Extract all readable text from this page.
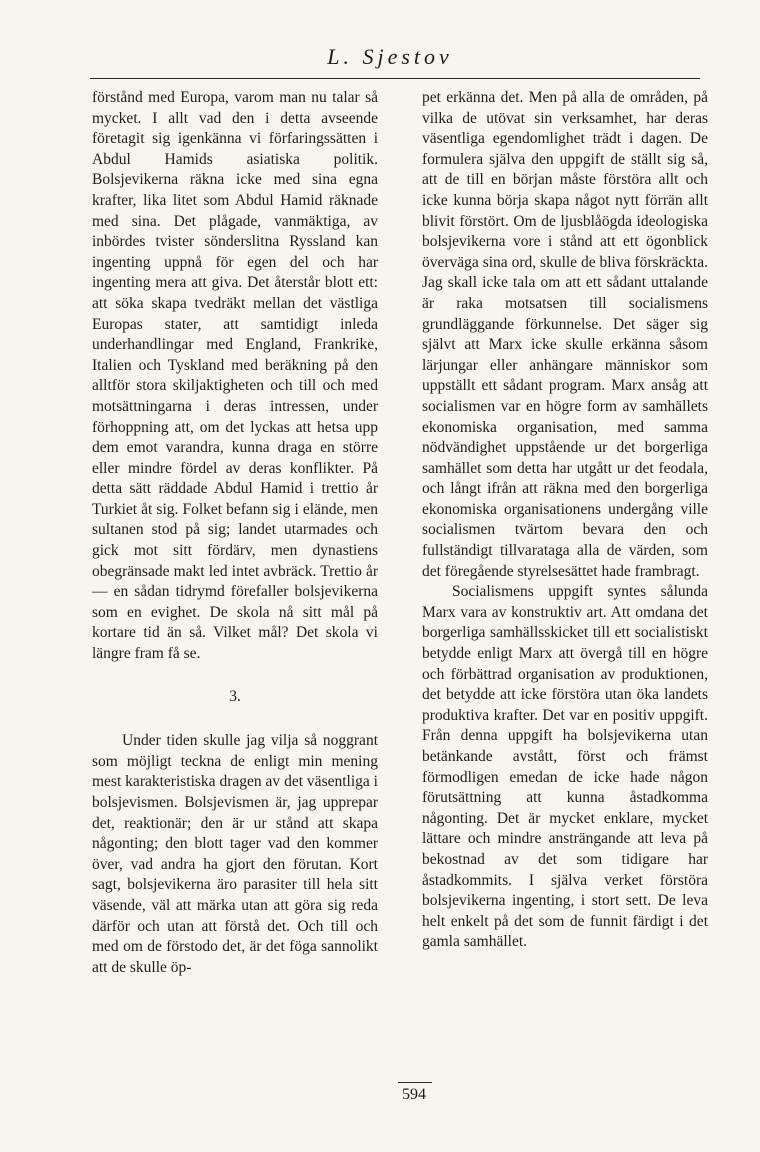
L. Sjestov

förstånd med Europa, varom man nu talar så mycket. I allt vad den i detta avseende företagit sig igenkänna vi förfaringssätten i Abdul Hamids asiatiska politik. Bolsjevikerna räkna icke med sina egna krafter, lika litet som Abdul Hamid räknade med sina. Det plågade, vanmäktiga, av inbördes tvister sönderslitna Ryssland kan ingenting uppnå för egen del och har ingenting mera att giva. Det återstår blott ett: att söka skapa tvedräkt mellan det västliga Europas stater, att samtidigt inleda underhandlingar med England, Frankrike, Italien och Tyskland med beräkning på den alltför stora skiljaktigheten och till och med motsättningarna i deras intressen, under förhoppning att, om det lyckas att hetsa upp dem emot varandra, kunna draga en större eller mindre fördel av deras konflikter. På detta sätt räddade Abdul Hamid i trettio år Turkiet åt sig. Folket befann sig i elände, men sultanen stod på sig; landet utarmades och gick mot sitt fördärv, men dynastiens obegränsade makt led intet avbräck. Trettio år — en sådan tidrymd förefaller bolsjevikerna som en evighet. De skola nå sitt mål på kortare tid än så. Vilket mål? Det skola vi längre fram få se.

3.

Under tiden skulle jag vilja så noggrant som möjligt teckna de enligt min mening mest karakteristiska dragen av det väsentliga i bolsjevismen. Bolsjevismen är, jag upprepar det, reaktionär; den är ur stånd att skapa någonting; den blott tager vad den kommer över, vad andra ha gjort den förutan. Kort sagt, bolsjevikerna äro parasiter till hela sitt väsende, väl att märka utan att göra sig reda därför och utan att förstå det. Och till och med om de förstodo det, är det föga sannolikt att de skulle öp-

pet erkänna det. Men på alla de områden, på vilka de utövat sin verksamhet, har deras väsentliga egendomlighet trädt i dagen. De formulera själva den uppgift de ställt sig så, att de till en början måste förstöra allt och icke kunna börja skapa något nytt förrän allt blivit förstört. Om de ljusblåögda ideologiska bolsjevikerna vore i stånd att ett ögonblick överväga sina ord, skulle de bliva förskräckta. Jag skall icke tala om att ett sådant uttalande är raka motsatsen till socialismens grundläggande förkunnelse. Det säger sig självt att Marx icke skulle erkänna såsom lärjungar eller anhängare människor som uppställt ett sådant program. Marx ansåg att socialismen var en högre form av samhällets ekonomiska organisation, med samma nödvändighet uppstående ur det borgerliga samhället som detta har utgått ur det feodala, och långt ifrån att räkna med den borgerliga ekonomiska organisationens undergång ville socialismen tvärtom bevara den och fullständigt tillvarataga alla de värden, som det föregående styrelsesättet hade frambragt.

Socialismens uppgift syntes sålunda Marx vara av konstruktiv art. Att omdana det borgerliga samhällsskicket till ett socialistiskt betydde enligt Marx att övergå till en högre och förbättrad organisation av produktionen, det betydde att icke förstöra utan öka landets produktiva krafter. Det var en positiv uppgift. Från denna uppgift ha bolsjevikerna utan betänkande avstått, först och främst förmodligen emedan de icke hade någon förutsättning att kunna åstadkomma någonting. Det är mycket enklare, mycket lättare och mindre ansträngande att leva på bekostnad av det som tidigare har åstadkommits. I själva verket förstöra bolsjevikerna ingenting, i stort sett. De leva helt enkelt på det som de funnit färdigt i det gamla samhället.

594
